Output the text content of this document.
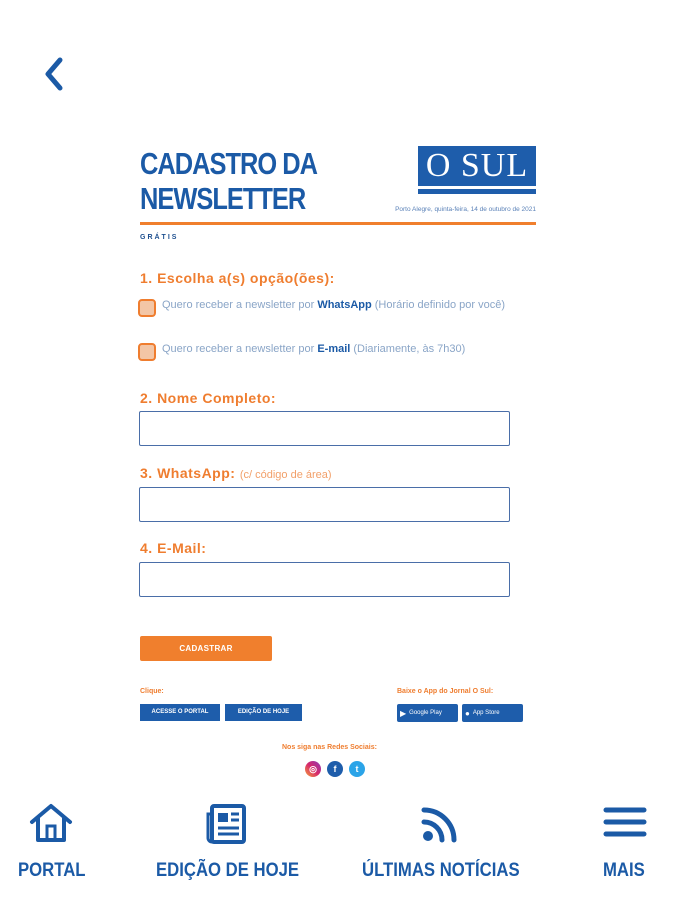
CADASTRO DA
NEWSLETTER
O SUL
Porto Alegre, quinta-feira, 14 de outubro de 2021
GRÁTIS
1. Escolha a(s) opção(ões):
Quero receber a newsletter por WhatsApp (Horário definido por você)
Quero receber a newsletter por E-mail (Diariamente, às 7h30)
2. Nome Completo:
3. WhatsApp: (c/ código de área)
4. E-Mail:
CADASTRAR
Clique:
ACESSE O PORTAL	EDIÇÃO DE HOJE
Baixe o App do Jornal O Sul:
▶ Google Play	● App Store
Nos siga nas Redes Sociais:
◎	f	t
PORTAL	EDIÇÃO DE HOJE	ÚLTIMAS NOTÍCIAS	MAIS
